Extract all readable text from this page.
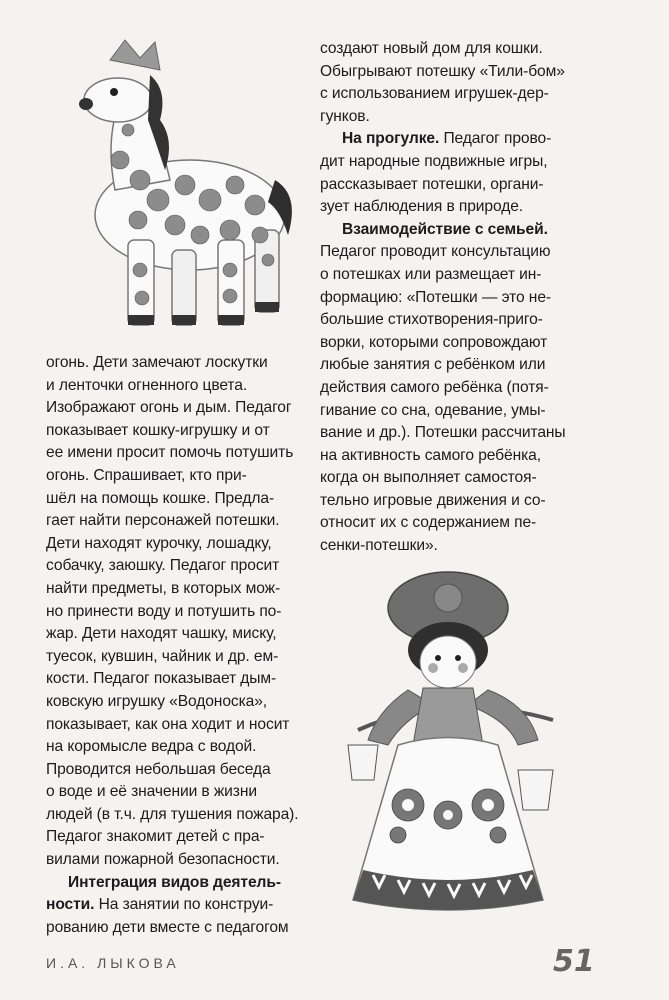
создают новый дом для кошки.
Обыгрывают потешку «Тили-бом»
с использованием игрушек-дер-
гунков.
На прогулке. Педагог прово-
дит народные подвижные игры,
рассказывает потешки, органи-
зует наблюдения в природе.
Взаимодействие с семьей.
Педагог проводит консультацию
о потешках или размещает ин-
формацию: «Потешки — это не-
большие стихотворения-приго-
ворки, которыми сопровождают
любые занятия с ребёнком или
действия самого ребёнка (потя-
гивание со сна, одевание, умы-
вание и др.). Потешки рассчитаны
на активность самого ребёнка,
когда он выполняет самостоя-
тельно игровые движения и со-
относит их с содержанием пе-
сенки-потешки».
огонь. Дети замечают лоскутки
и ленточки огненного цвета.
Изображают огонь и дым. Педагог
показывает кошку-игрушку и от
ее имени просит помочь потушить
огонь. Спрашивает, кто при-
шёл на помощь кошке. Предла-
гает найти персонажей потешки.
Дети находят курочку, лошадку,
собачку, заюшку. Педагог просит
найти предметы, в которых мож-
но принести воду и потушить по-
жар. Дети находят чашку, миску,
туесок, кувшин, чайник и др. ем-
кости. Педагог показывает дым-
ковскую игрушку «Водоноска»,
показывает, как она ходит и носит
на коромысле ведра с водой.
Проводится небольшая беседа
о воде и её значении в жизни
людей (в т.ч. для тушения пожара).
Педагог знакомит детей с пра-
вилами пожарной безопасности.
Интеграция видов деятель-
ности. На занятии по конструи-
рованию дети вместе с педагогом
И.А. ЛЫКОВА	51
